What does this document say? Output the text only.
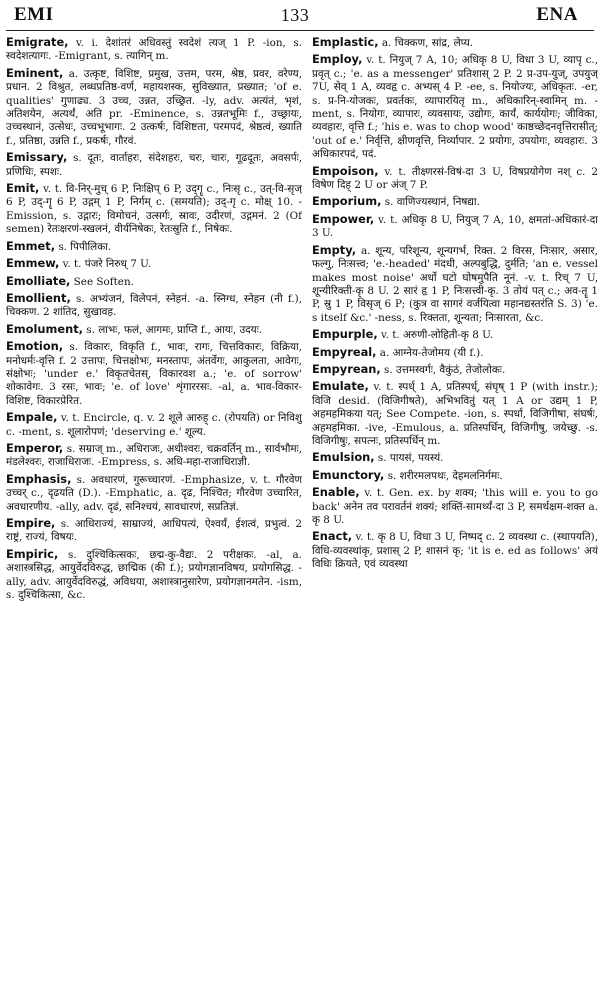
EMI	133	ENA

Emigrate, v. i. देशांतरं अधिवस्तुं स्वदेशं त्यज् 1 P. -ion, s. स्वदेशत्यागः. -Emigrant, s. त्यागिन् m.

Eminent, a. उत्कृष्ट, विशिष्ट, प्रमुख, उत्तम, परम, श्रेष्ठ, प्रवर, वरेण्य, प्रधान. 2 विश्रुत, लब्धप्रतिष्ठ-वर्ण, महायशस्क, सुविख्यात, प्रख्यात; 'of e. qualities' गुणाढ्य. 3 उच्च, उन्नत, उच्छ्रित. -ly, adv. अत्यंतं, भृशं, अतिशयेन, अत्यर्थं, अति pr. -Eminence, s. उन्नतभूमिः f., उच्छ्रायः, उच्चस्थानं, उत्सेधः, उच्चभूभागः. 2 उत्कर्षः, विशिष्टता, परमपदं, श्रेष्ठत्वं, ख्याति f., प्रतिष्ठा, उन्नति f., प्रकर्षः, गौरवं.

Emissary, s. दूतः, वार्ताहरः, संदेशहरः, चरः, चारः, गूढदूतः, अवसर्पः, प्रणिधिः, स्पशः.

Emit, v. t. वि-निर्-मुच् 6 P, निःक्षिप् 6 P, उद्गॄ c., निःसृ c., उत्-वि-सृज् 6 P, उद्-गॄ 6 P, उद्गम् 1 P, निर्गम् c. (समयति); उद्-गृ c. मोक्ष् 10. -Emission, s. उद्गारः; विमोचनं, उत्सर्गः, स्रावः, उदीरणं, उद्गमनं. 2 (Of semen) रेतःक्षरणं-स्खलनं, वीर्यनिषेकः, रेतःस्रुति f., निषेकः.

Emmet, s. पिपीलिका.

Emmew, v. t. पंजरे निरुध् 7 U.

Emolliate, See Soften.

Emollient, s. अभ्यंजनं, विलेपनं, स्नेहनं. -a. स्निग्ध, स्नेहन (नी f.), चिक्कण. 2 शांतिद, सुखावह.

Emolument, s. लाभः, फलं, आगमः, प्राप्ति f., आयः, उदयः.

Emotion, s. विकारः, विकृति f., भावः, रागः, चित्तविकारः, विक्रिया, मनोधर्मः-वृत्ति f. 2 उत्तापः, चित्तक्षोभः, मनस्तापः, अंतर्वेगः, आकुलता, आवेगः, संक्षोभः; 'under e.' विकृतचेतस्, विकारवश a.; 'e. of sorrow' शोकावेगः. 3 रसः, भावः; 'e. of love' शृंगाररसः. -al, a. भाव-विकार-विशिष्ट, विकारप्रेरित.

Empale, v. t. Encircle, q. v. 2 शूले आरुह् c. (रोपयति) or निविशु c. -ment, s. शूलारोपणं; 'deserving e.' शूल्य.

Emperor, s. सम्राज् m., अधिराजः, अधीश्वरः, चक्रवर्तिन् m., सार्वभौमः, मंडलेश्वरः, राजाधिराजः. -Empress, s. अधि-महा-राजाधिराज्ञी.

Emphasis, s. अवधारणं, गुरूच्चारणं. -Emphasize, v. t. गौरवेण उच्चर् c., दृढयति (D.). -Emphatic, a. दृढ, निश्चित; गौरवेण उच्चारित, अवधारणीय. -ally, adv. दृढं, सनिश्चयं, सावधारणं, सप्रतिज्ञं.

Empire, s. आधिराज्यं, साम्राज्यं, आधिपत्यं, ऐश्वर्यं, ईशत्वं, प्रभुत्वं. 2 राष्ट्रं, राज्यं, विषयः.

Empiric, s. दुश्चिकित्सकः, छद्म-कु-वैद्यः. 2 परीक्षकः. -al, a. अशास्त्रसिद्ध, आयुर्वेदविरुद्ध, छाद्मिक (की f.); प्रयोगज्ञानविषय, प्रयोगसिद्ध. -ally, adv. आयुर्वेदविरुद्धं, अविधया, अशास्त्रानुसारेण, प्रयोगज्ञानमतेन. -ism, s. दुश्चिकित्सा, &c.

Emplastic, a. चिक्कण, सांद्र, लेप्य.

Employ, v. t. नियुज् 7 A, 10; अधिकृ 8 U, विधा 3 U, व्यापृ c., प्रवृत् c.; 'e. as a messenger' प्रतिशास् 2 P. 2 प्र-उप-युज्, उपयुज् 7U, सेव् 1 A, व्यवहृ c. अभ्यस् 4 P. -ee, s. नियोज्यः, अधिकृतः. -er, s. प्र-नि-योजकः, प्रवर्तकः, व्यापारयितृ m., अधिकारिन्-स्वामिन् m. -ment, s. नियोगः, व्यापारः, व्यवसायः, उद्योगः, कार्यं, कार्ययोगः; जीविका, व्यवहारः, वृत्ति f.; 'his e. was to chop wood' काष्ठच्छेदनवृत्तिरासीत्; 'out of e.' निर्वृत्ति, क्षीणवृत्ति, निर्व्यापार. 2 प्रयोगः, उपयोगः, व्यवहारः. 3 अधिकारपदं, पदं.

Empoison, v. t. तीक्ष्णरसं-विषं-दा 3 U, विषप्रयोगेण नश् c. 2 विषेण दिह् 2 U or अंज् 7 P.

Emporium, s. वाणिज्यस्थानं, निषद्या.

Empower, v. t. अधिकृ 8 U, नियुज् 7 A, 10, क्षमतां-अधिकारं-दा 3 U.

Empty, a. शून्य, परिशून्य, शून्यगर्भ, रिक्त. 2 विरस, निःसार, असार, फल्गु, निःसत्त्व; 'e.-headed' मंदधी, अल्पबुद्धि, दुर्मति; 'an e. vessel makes most noise' अर्धो घटो घोषमुपैति नूनं. -v. t. रिच् 7 U, शून्यीरिक्ती-कृ 8 U. 2 सारं हृ 1 P, निःसत्त्वी-कृ. 3 तोयं पत् c.; अव-तॄ 1 P, स्रु 1 P, विसृज् 6 P; (कुत्र वा सागरं वर्जयित्वा महानद्यस्तरंति S. 3) 'e. s itself &c.' -ness, s. रिक्तता, शून्यता; निःसारता, &c.

Empurple, v. t. अरुणी-लोहिती-कृ 8 U.

Empyreal, a. आग्नेय-तेजोमय (यी f.).

Empyrean, s. उत्तमस्वर्गः, वैकुंठं, तेजोलोकः.

Emulate, v. t. स्पर्ध् 1 A, प्रतिस्पर्ध्, संघृष् 1 P (with instr.); विजि desid. (विजिगीषते), अभिभवितुं यत् 1 A or उद्यम् 1 P, अहमहमिकया यत्; See Compete. -ion, s. स्पर्धा, विजिगीषा, संघर्षः, अहमहमिका. -ive, -Emulous, a. प्रतिस्पर्धिन्, विजिगीषु, जयेच्छु. -s. विजिगीषुः, सपत्नः, प्रतिस्पर्धिन् m.

Emulsion, s. पायसं, पयस्यं.

Emunctory, s. शरीरमलपथः, देहमलनिर्गमः.

Enable, v. t. Gen. ex. by शक्य; 'this will e. you to go back' अनेन तव परावर्तनं शक्यं; शक्तिं-सामर्थ्यं-दा 3 P, समर्थक्षम-शक्त a. कृ 8 U.

Enact, v. t. कृ 8 U, विधा 3 U, निष्पद् c. 2 व्यवस्था c. (स्थापयति), विधि-व्यवस्थांकृ, प्रशास् 2 P, शासनं कृ; 'it is e. ed as follows' अयं विधिः क्रियते, एवं व्यवस्था
